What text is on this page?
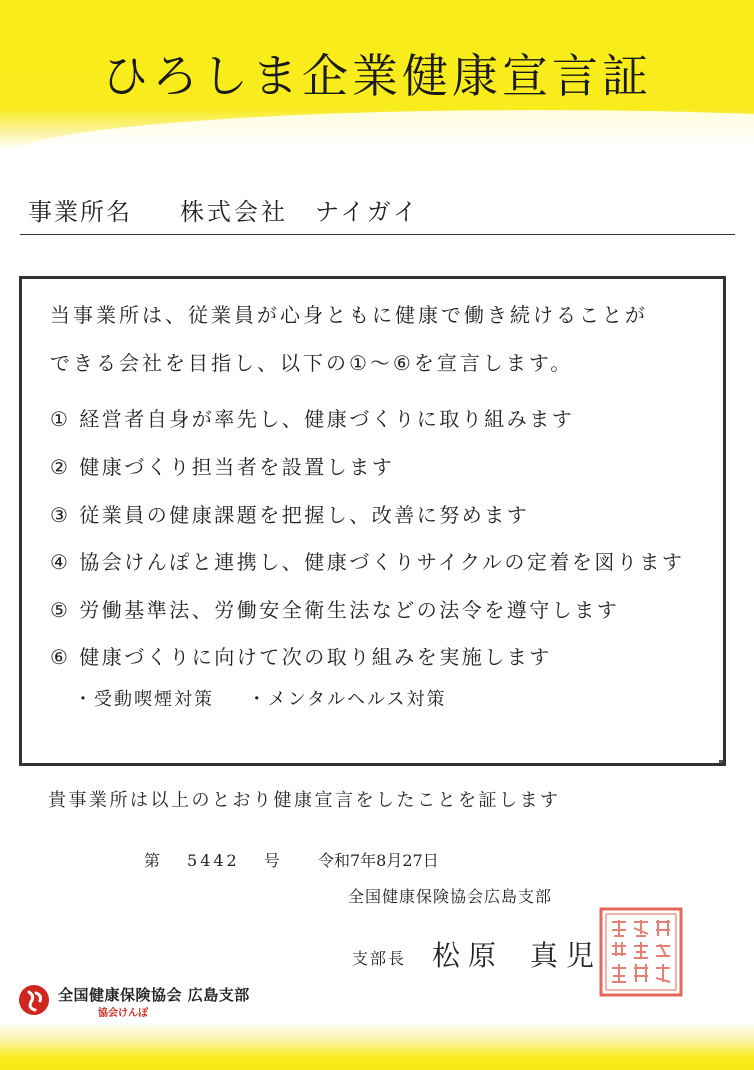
ひろしま企業健康宣言証
事業所名 株式会社　ナイガイ
当事業所は、従業員が心身ともに健康で働き続けることが
できる会社を目指し、以下の①～⑥を宣言します。
① 経営者自身が率先し、健康づくりに取り組みます
② 健康づくり担当者を設置します
③ 従業員の健康課題を把握し、改善に努めます
④ 協会けんぽと連携し、健康づくりサイクルの定着を図ります
⑤ 労働基準法、労働安全衛生法などの法令を遵守します
⑥ 健康づくりに向けて次の取り組みを実施します
・受動喫煙対策 ・メンタルヘルス対策
貴事業所は以上のとおり健康宣言をしたことを証します
第 5442 号	令和7年8月27日
全国健康保険協会広島支部
支部長 松原 真児
全国健康保険協会 広島支部
協会けんぽ
